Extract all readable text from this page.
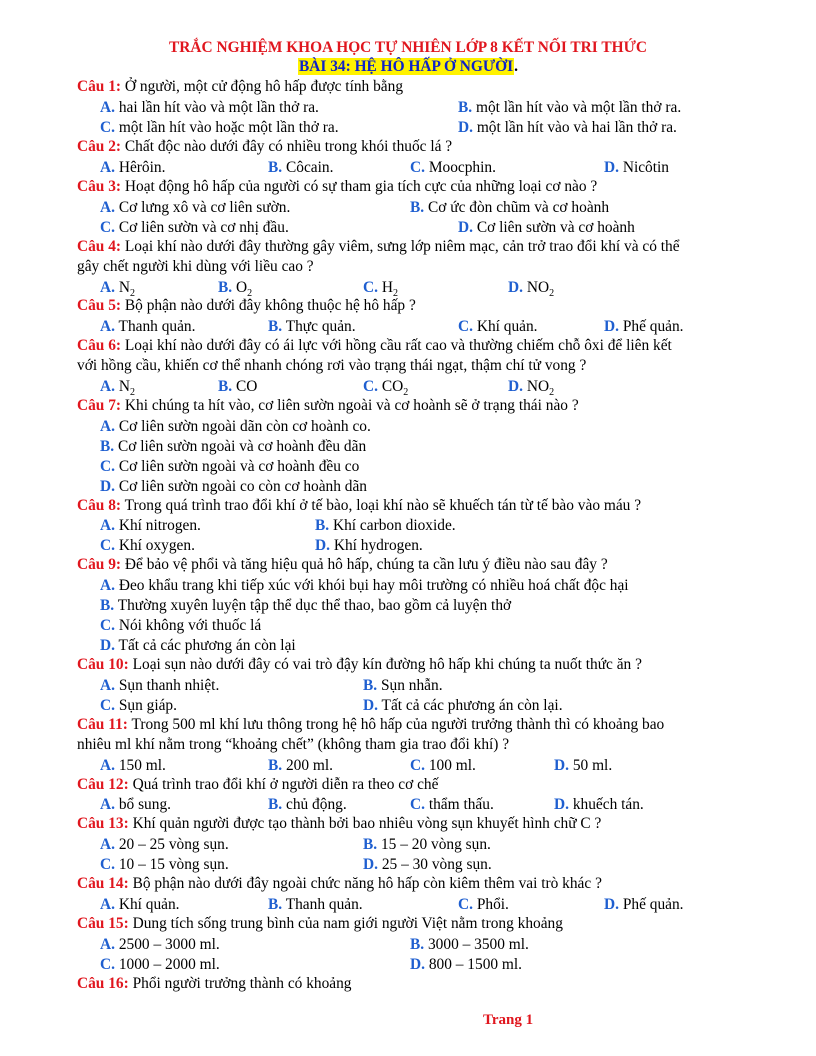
TRẮC NGHIỆM KHOA HỌC TỰ NHIÊN LỚP 8 KẾT NỐI TRI THỨC
BÀI 34: HỆ HÔ HẤP Ở NGƯỜI.
Câu 1: Ở người, một cử động hô hấp được tính bằng
A. hai lần hít vào và một lần thở ra.	B. một lần hít vào và một lần thở ra.
C. một lần hít vào hoặc một lần thở ra.	D. một lần hít vào và hai lần thở ra.
Câu 2: Chất độc nào dưới đây có nhiều trong khói thuốc lá ?
A. Hêrôin.	B. Côcain.	C. Moocphin.	D. Nicôtin
Câu 3: Hoạt động hô hấp của người có sự tham gia tích cực của những loại cơ nào ?
A. Cơ lưng xô và cơ liên sườn.	B. Cơ ức đòn chũm và cơ hoành
C. Cơ liên sườn và cơ nhị đầu.	D. Cơ liên sườn và cơ hoành
Câu 4: Loại khí nào dưới đây thường gây viêm, sưng lớp niêm mạc, cản trở trao đổi khí và có thể
gây chết người khi dùng với liều cao ?
A. $N_2$	B. $O_2$	C. $H_2$	D. $NO_2$
Câu 5: Bộ phận nào dưới đây không thuộc hệ hô hấp ?
A. Thanh quản.	B. Thực quản.	C. Khí quản.	D. Phế quản.
Câu 6: Loại khí nào dưới đây có ái lực với hồng cầu rất cao và thường chiếm chỗ ôxi để liên kết
với hồng cầu, khiến cơ thể nhanh chóng rơi vào trạng thái ngạt, thậm chí tử vong ?
A. $N_2$	B. CO	C. $CO_2$	D. $NO_2$
Câu 7: Khi chúng ta hít vào, cơ liên sườn ngoài và cơ hoành sẽ ở trạng thái nào ?
A. Cơ liên sườn ngoài dãn còn cơ hoành co.
B. Cơ liên sườn ngoài và cơ hoành đều dãn
C. Cơ liên sườn ngoài và cơ hoành đều co
D. Cơ liên sườn ngoài co còn cơ hoành dãn
Câu 8: Trong quá trình trao đổi khí ở tế bào, loại khí nào sẽ khuếch tán từ tế bào vào máu ?
A. Khí nitrogen.	B. Khí carbon dioxide.
C. Khí oxygen.	D. Khí hydrogen.
Câu 9: Để bảo vệ phổi và tăng hiệu quả hô hấp, chúng ta cần lưu ý điều nào sau đây ?
A. Đeo khẩu trang khi tiếp xúc với khói bụi hay môi trường có nhiều hoá chất độc hại
B. Thường xuyên luyện tập thể dục thể thao, bao gồm cả luyện thở
C. Nói không với thuốc lá
D. Tất cả các phương án còn lại
Câu 10: Loại sụn nào dưới đây có vai trò đậy kín đường hô hấp khi chúng ta nuốt thức ăn ?
A. Sụn thanh nhiệt.	B. Sụn nhẫn.
C. Sụn giáp.	D. Tất cả các phương án còn lại.
Câu 11: Trong 500 ml khí lưu thông trong hệ hô hấp của người trưởng thành thì có khoảng bao
nhiêu ml khí nằm trong “khoảng chết” (không tham gia trao đổi khí) ?
A. 150 ml.	B. 200 ml.	C. 100 ml.	D. 50 ml.
Câu 12: Quá trình trao đổi khí ở người diễn ra theo cơ chế
A. bổ sung.	B. chủ động.	C. thẩm thấu.	D. khuếch tán.
Câu 13: Khí quản người được tạo thành bởi bao nhiêu vòng sụn khuyết hình chữ C ?
A. 20 – 25 vòng sụn.	B. 15 – 20 vòng sụn.
C. 10 – 15 vòng sụn.	D. 25 – 30 vòng sụn.
Câu 14: Bộ phận nào dưới đây ngoài chức năng hô hấp còn kiêm thêm vai trò khác ?
A. Khí quản.	B. Thanh quản.	C. Phổi.	D. Phế quản.
Câu 15: Dung tích sống trung bình của nam giới người Việt nằm trong khoảng
A. 2500 – 3000 ml.	B. 3000 – 3500 ml.
C. 1000 – 2000 ml.	D. 800 – 1500 ml.
Câu 16: Phổi người trưởng thành có khoảng
Trang 1
